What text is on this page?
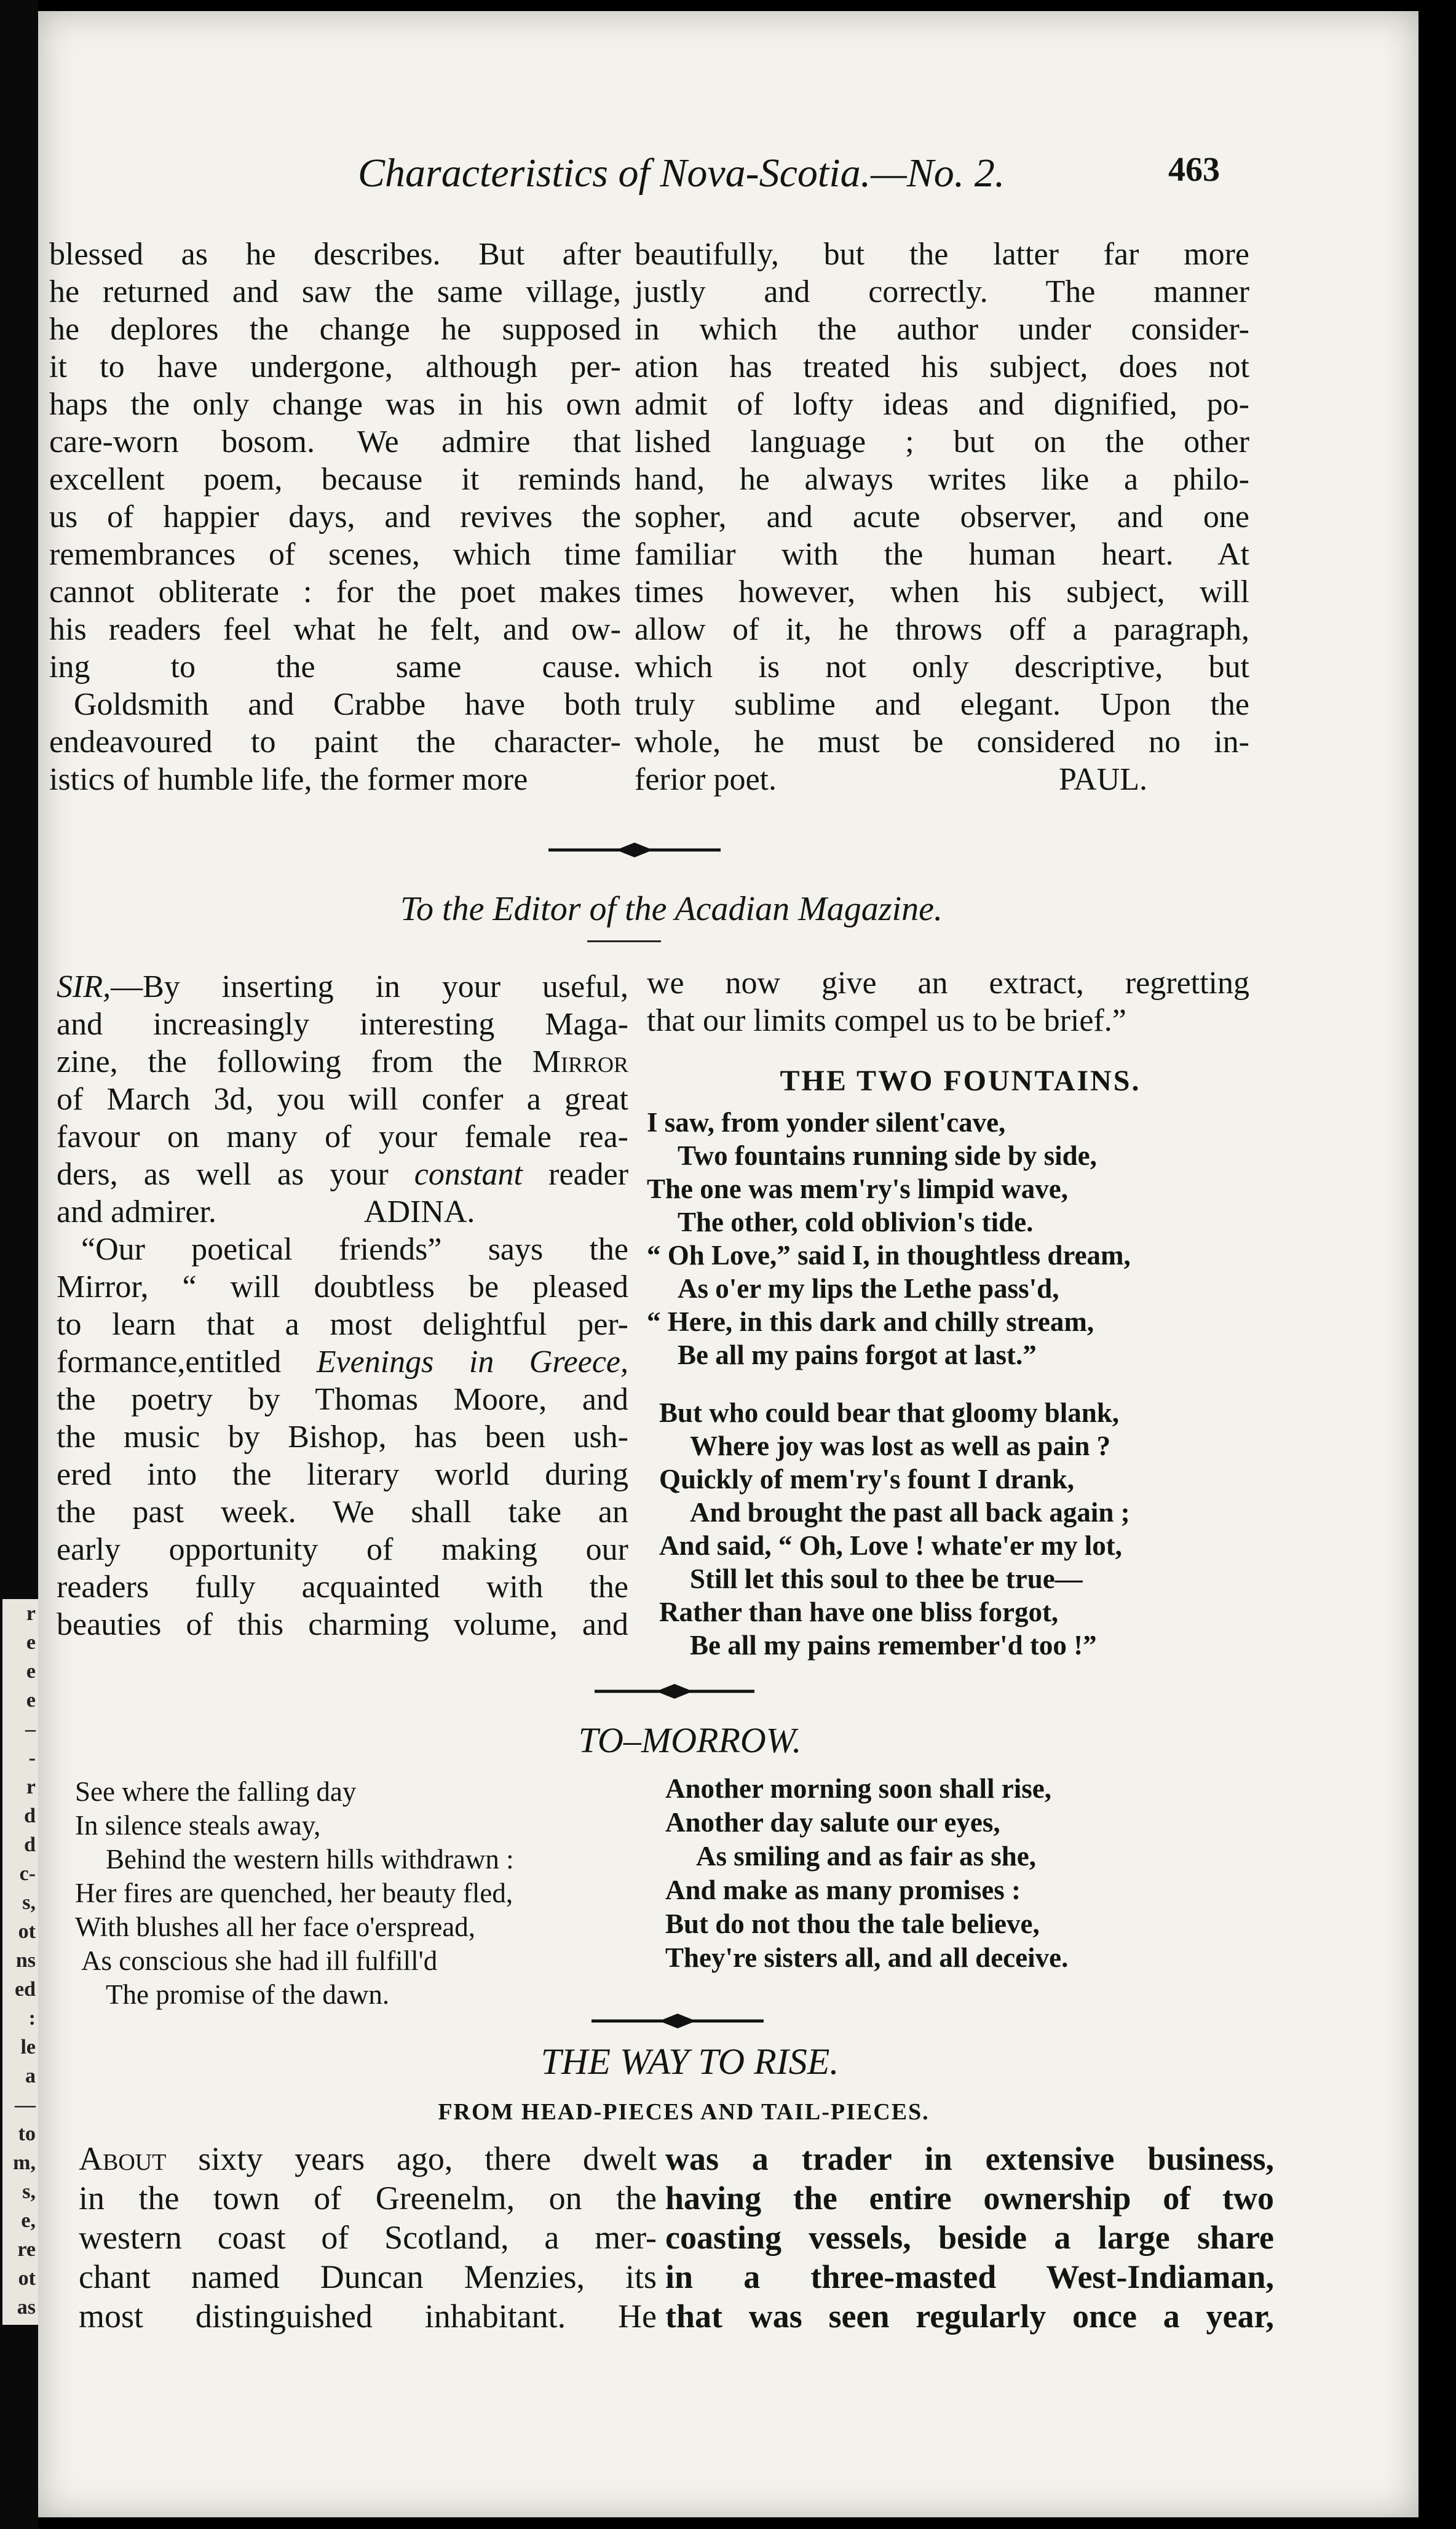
r
e
e
e
–
-
r
d
d
c-
s,
ot
ns
ed
:
le
a
—
to
m,
s,
e,
re
ot
as
Characteristics of Nova-Scotia.—No. 2.	463

blessed as he describes. But after

he returned and saw the same village,

he deplores the change he supposed

it to have undergone, although per-

haps the only change was in his own

care-worn bosom. We admire that

excellent poem, because it reminds

us of happier days, and revives the

remembrances of scenes, which time

cannot obliterate : for the poet makes

his readers feel what he felt, and ow-

ing to the same cause.

Goldsmith and Crabbe have both

endeavoured to paint the character-

istics of humble life, the former more

beautifully, but the latter far more

justly and correctly. The manner

in which the author under consider-

ation has treated his subject, does not

admit of lofty ideas and dignified, po-

lished language ; but on the other

hand, he always writes like a philo-

sopher, and acute observer, and one

familiar with the human heart. At

times however, when his subject, will

allow of it, he throws off a paragraph,

which is not only descriptive, but

truly sublime and elegant. Upon the

whole, he must be considered no in-

ferior poet.	PAUL.

To the Editor of the Acadian Magazine.

SIR,—By inserting in your useful,

and increasingly interesting Maga-

zine, the following from the Mirror

of March 3d, you will confer a great

favour on many of your female rea-

ders, as well as your constant reader

and admirer.	ADINA.

“Our poetical friends” says the

Mirror, “ will doubtless be pleased

to learn that a most delightful per-

formance,entitled Evenings in Greece,

the poetry by Thomas Moore, and

the music by Bishop, has been ush-

ered into the literary world during

the past week. We shall take an

early opportunity of making our

readers fully acquainted with the

beauties of this charming volume, and

we now give an extract, regretting

that our limits compel us to be brief.”

THE TWO FOUNTAINS.

I saw, from yonder silent'cave,

Two fountains running side by side,

The one was mem'ry's limpid wave,

The other, cold oblivion's tide.

“ Oh Love,” said I, in thoughtless dream,

As o'er my lips the Lethe pass'd,

“ Here, in this dark and chilly stream,

Be all my pains forgot at last.”

But who could bear that gloomy blank,

Where joy was lost as well as pain ?

Quickly of mem'ry's fount I drank,

And brought the past all back again ;

And said, “ Oh, Love ! whate'er my lot,

Still let this soul to thee be true—

Rather than have one bliss forgot,

Be all my pains remember'd too !”

TO–MORROW.

See where the falling day

In silence steals away,

Behind the western hills withdrawn :

Her fires are quenched, her beauty fled,

With blushes all her face o'erspread,

As conscious she had ill fulfill'd

The promise of the dawn.

Another morning soon shall rise,

Another day salute our eyes,

As smiling and as fair as she,

And make as many promises :

But do not thou the tale believe,

They're sisters all, and all deceive.

THE WAY TO RISE.
FROM HEAD-PIECES AND TAIL-PIECES.

About sixty years ago, there dwelt

in the town of Greenelm, on the

western coast of Scotland, a mer-

chant named Duncan Menzies, its

most distinguished inhabitant. He

was a trader in extensive business,

having the entire ownership of two

coasting vessels, beside a large share

in a three-masted West-Indiaman,

that was seen regularly once a year,
